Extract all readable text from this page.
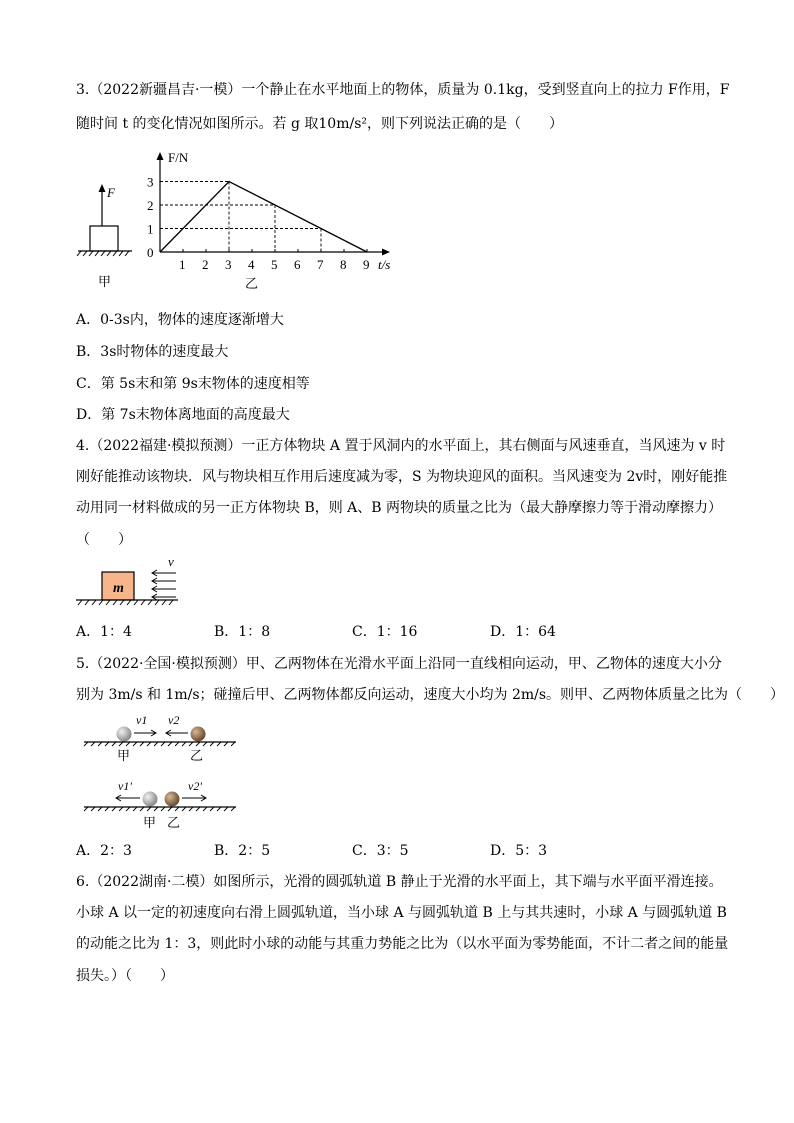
3.（2022新疆昌吉·一模）一个静止在水平地面上的物体，质量为 0.1kg，受到竖直向上的拉力 F作用，F
随时间 t 的变化情况如图所示。若 g 取10m/s²，则下列说法正确的是（　　）
F
甲
F/N
t/s
0
1 2 3 4 5 6 7 8 9
1
2
3
乙
A．0-3s内，物体的速度逐渐增大
B．3s时物体的速度最大
C．第 5s末和第 9s末物体的速度相等
D．第 7s末物体离地面的高度最大
4.（2022福建·模拟预测）一正方体物块 A 置于风洞内的水平面上，其右侧面与风速垂直，当风速为 v 时
刚好能推动该物块．风与物块相互作用后速度减为零，S 为物块迎风的面积。当风速变为 2v时，刚好能推
动用同一材料做成的另一正方体物块 B，则 A、B 两物块的质量之比为（最大静摩擦力等于滑动摩擦力）
（　　）
m
v
A．1：4	B．1：8	C．1：16	D．1：64
5.（2022·全国·模拟预测）甲、乙两物体在光滑水平面上沿同一直线相向运动，甲、乙物体的速度大小分
别为 3m/s 和 1m/s；碰撞后甲、乙两物体都反向运动，速度大小均为 2m/s。则甲、乙两物体质量之比为（　　）
v1 v2
甲	乙
v1'	v2'
甲 乙
A．2：3	B．2：5	C．3：5	D．5：3
6.（2022湖南·二模）如图所示，光滑的圆弧轨道 B 静止于光滑的水平面上，其下端与水平面平滑连接。
小球 A 以一定的初速度向右滑上圆弧轨道，当小球 A 与圆弧轨道 B 上与其共速时，小球 A 与圆弧轨道 B
的动能之比为 1：3，则此时小球的动能与其重力势能之比为（以水平面为零势能面，不计二者之间的能量
损失。）（　　）
